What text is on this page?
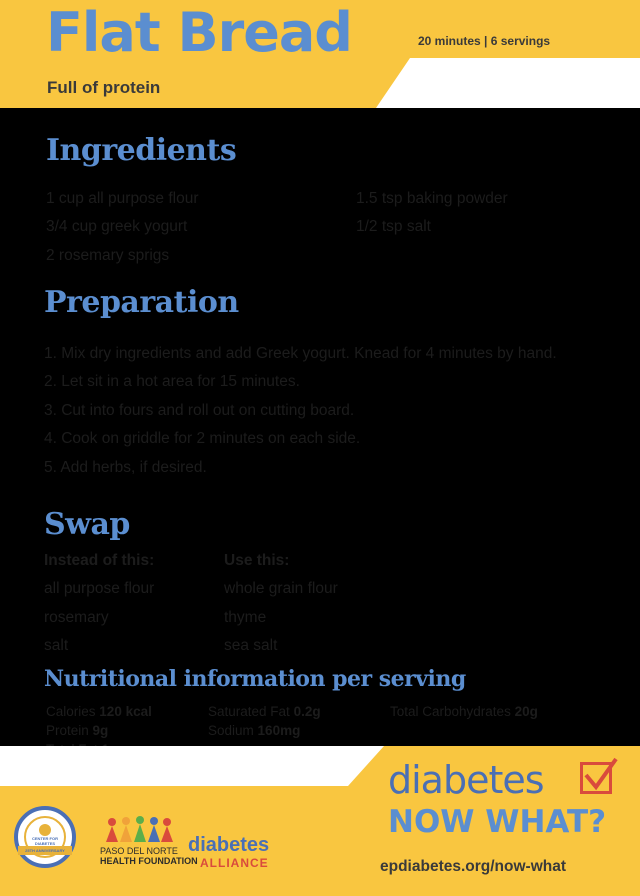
Flat Bread
Full of protein
20 minutes | 6 servings
Ingredients
1 cup all purpose flour
3/4 cup greek yogurt
2 rosemary sprigs
1.5 tsp baking powder
1/2 tsp salt
Preparation
1. Mix dry ingredients and add Greek yogurt. Knead for 4 minutes by hand.
2. Let sit in a hot area for 15 minutes.
3. Cut into fours and roll out on cutting board.
4. Cook on griddle for 2 minutes on each side.
5. Add herbs, if desired.
Swap
Instead of this:	Use this:
all purpose flour	whole grain flour
rosemary	thyme
salt	sea salt
Nutritional information per serving
Calories 120 kcal
Protein 9g
Saturated Fat 0.2g
Sodium 160mg
Total Carbohydrates 20g
CENTER FOR DIABETES
25TH ANNIVERSARY	PASO DEL NORTE
HEALTH FOUNDATION
diabetes
ALLIANCE
diabetes
NOW WHAT?
epdiabetes.org/now-what
